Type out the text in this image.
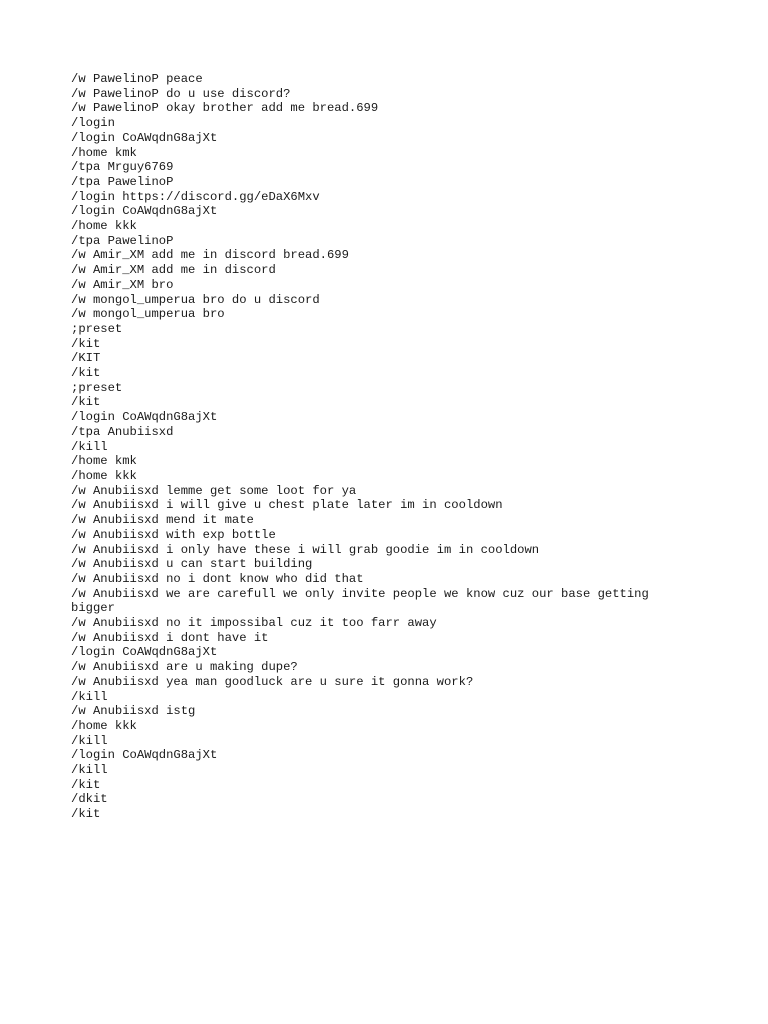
/w PawelinoP peace
/w PawelinoP do u use discord?
/w PawelinoP okay brother add me bread.699
/login
/login CoAWqdnG8ajXt
/home kmk
/tpa Mrguy6769
/tpa PawelinoP
/login https://discord.gg/eDaX6Mxv
/login CoAWqdnG8ajXt
/home kkk
/tpa PawelinoP
/w Amir_XM add me in discord bread.699
/w Amir_XM add me in discord
/w Amir_XM bro
/w mongol_umperua bro do u discord
/w mongol_umperua bro
;preset
/kit
/KIT
/kit
;preset
/kit
/login CoAWqdnG8ajXt
/tpa Anubiisxd
/kill
/home kmk
/home kkk
/w Anubiisxd lemme get some loot for ya
/w Anubiisxd i will give u chest plate later im in cooldown
/w Anubiisxd mend it mate
/w Anubiisxd with exp bottle
/w Anubiisxd i only have these i will grab goodie im in cooldown
/w Anubiisxd u can start building
/w Anubiisxd no i dont know who did that
/w Anubiisxd we are carefull we only invite people we know cuz our base getting bigger
/w Anubiisxd no it impossibal cuz it too farr away
/w Anubiisxd i dont have it
/login CoAWqdnG8ajXt
/w Anubiisxd are u making dupe?
/w Anubiisxd yea man goodluck are u sure it gonna work?
/kill
/w Anubiisxd istg
/home kkk
/kill
/login CoAWqdnG8ajXt
/kill
/kit
/dkit
/kit
